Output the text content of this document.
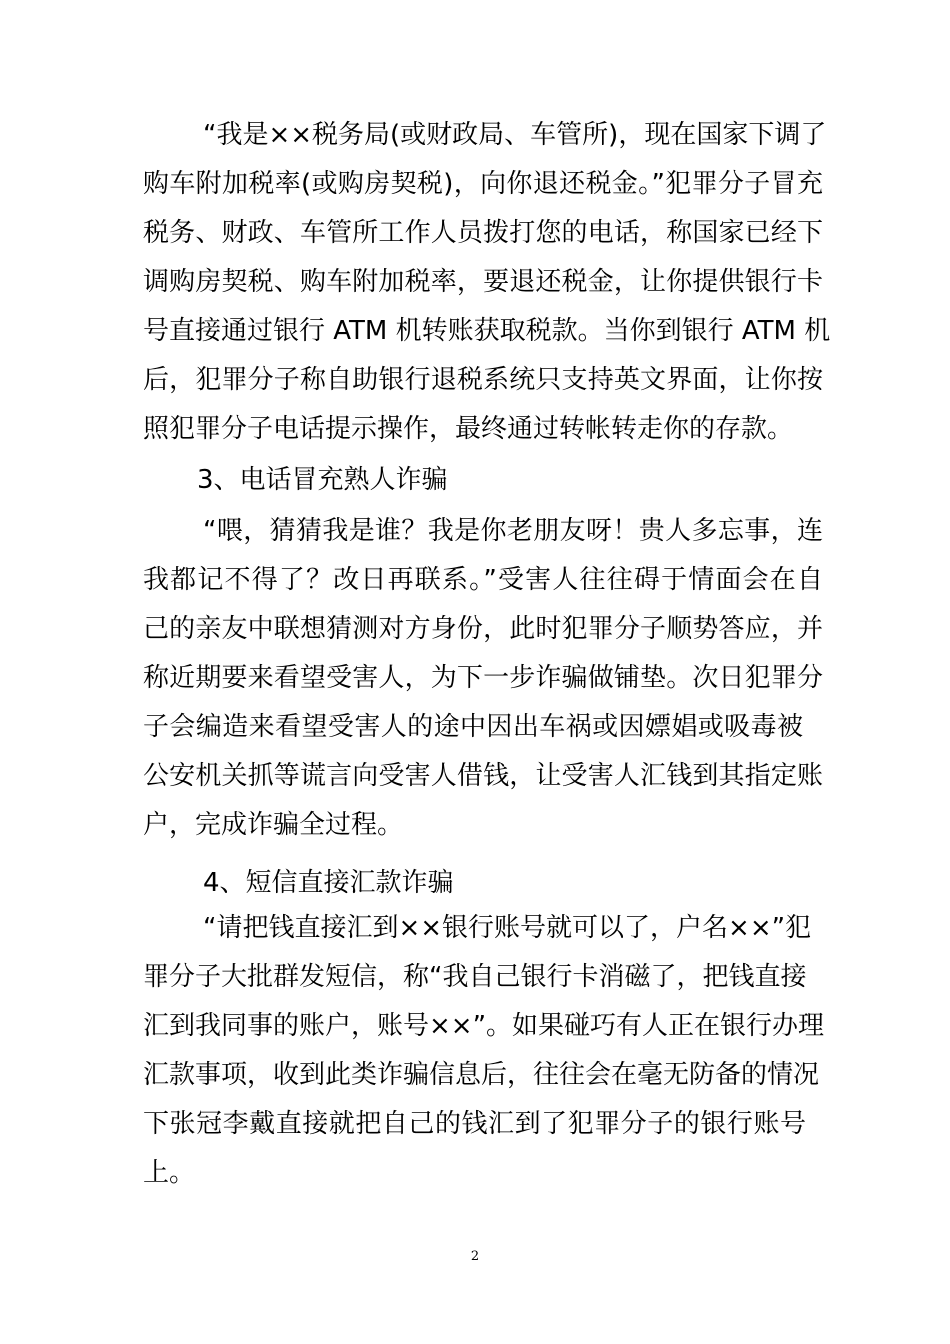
“我是××税务局(或财政局、车管所)，现在国家下调了
购车附加税率(或购房契税)，向你退还税金。”犯罪分子冒充
税务、财政、车管所工作人员拨打您的电话，称国家已经下
调购房契税、购车附加税率，要退还税金，让你提供银行卡
号直接通过银行 ATM 机转账获取税款。当你到银行 ATM 机
后，犯罪分子称自助银行退税系统只支持英文界面，让你按
照犯罪分子电话提示操作，最终通过转帐转走你的存款。
3、电话冒充熟人诈骗
“喂，猜猜我是谁？我是你老朋友呀！贵人多忘事，连
我都记不得了？改日再联系。”受害人往往碍于情面会在自
己的亲友中联想猜测对方身份，此时犯罪分子顺势答应，并
称近期要来看望受害人，为下一步诈骗做铺垫。次日犯罪分
子会编造来看望受害人的途中因出车祸或因嫖娼或吸毒被
公安机关抓等谎言向受害人借钱，让受害人汇钱到其指定账
户，完成诈骗全过程。
4、短信直接汇款诈骗
“请把钱直接汇到××银行账号就可以了，户名××”犯
罪分子大批群发短信，称“我自己银行卡消磁了，把钱直接
汇到我同事的账户，账号××”。如果碰巧有人正在银行办理
汇款事项，收到此类诈骗信息后，往往会在毫无防备的情况
下张冠李戴直接就把自己的钱汇到了犯罪分子的银行账号
上。
2
